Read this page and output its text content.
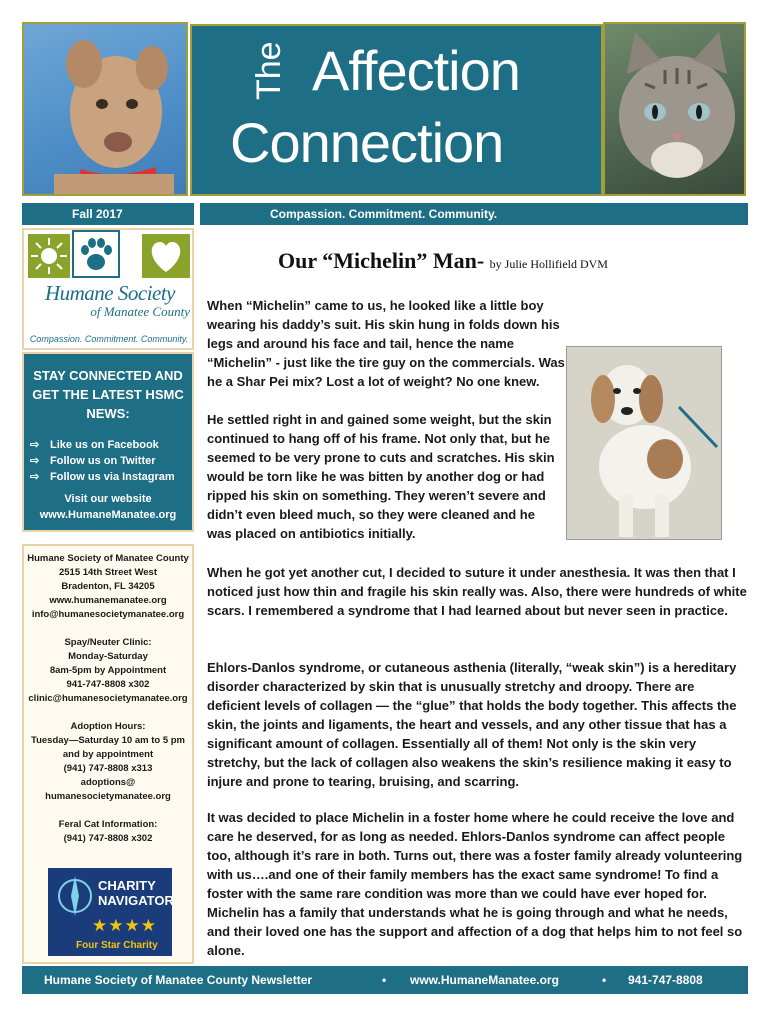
The Affection
Connection
Fall 2017	Compassion. Commitment. Community.
Humane Society
of Manatee County
Compassion. Commitment. Community.
STAY CONNECTED AND GET THE LATEST HSMC NEWS:
⇨ Like us on Facebook
⇨ Follow us on Twitter
⇨ Follow us via Instagram
Visit our website
www.HumaneManatee.org

Humane Society of Manatee County

2515 14th Street West

Bradenton, FL 34205

www.humanemanatee.org

info@humanesocietymanatee.org

Spay/Neuter Clinic:

Monday-Saturday

8am-5pm by Appointment

941-747-8808 x302

clinic@humanesocietymanatee.org

Adoption Hours:

Tuesday—Saturday 10 am to 5 pm

and by appointment

(941) 747-8808 x313

adoptions@

humanesocietymanatee.org

Feral Cat Information:

(941) 747-8808 x302

CHARITY
NAVIGATOR
★★★★
Four Star Charity
Our “Michelin” Man- by Julie Hollifield DVM
When “Michelin” came to us, he looked like a little boy wearing his daddy’s suit. His skin hung in folds down his legs and around his face and tail, hence the name “Michelin” - just like the tire guy on the commercials. Was he a Shar Pei mix? Lost a lot of weight? No one knew.
He settled right in and gained some weight, but the skin continued to hang off of his frame. Not only that, but he seemed to be very prone to cuts and scratches. His skin would be torn like he was bitten by another dog or had ripped his skin on something. They weren’t severe and didn’t even bleed much, so they were cleaned and he was placed on antibiotics initially.
When he got yet another cut, I decided to suture it under anesthesia. It was then that I noticed just how thin and fragile his skin really was. Also, there were hundreds of white scars. I remembered a syndrome that I had learned about but never seen in practice.
Ehlors-Danlos syndrome, or cutaneous asthenia (literally, “weak skin”) is a hereditary disorder characterized by skin that is unusually stretchy and droopy. There are deficient levels of collagen — the “glue” that holds the body together. This affects the skin, the joints and ligaments, the heart and vessels, and any other tissue that has a significant amount of collagen. Essentially all of them! Not only is the skin very stretchy, but the lack of collagen also weakens the skin’s resilience making it easy to injure and prone to tearing, bruising, and scarring.
It was decided to place Michelin in a foster home where he could receive the love and care he deserved, for as long as needed. Ehlors-Danlos syndrome can affect people too, although it’s rare in both. Turns out, there was a foster family already volunteering with us….and one of their family members has the exact same syndrome! To find a foster with the same rare condition was more than we could have ever hoped for. Michelin has a family that understands what he is going through and what he needs, and their loved one has the support and affection of a dog that helps him to not feel so alone.
Humane Society of Manatee County Newsletter	• www.HumaneManatee.org	• 941-747-8808
